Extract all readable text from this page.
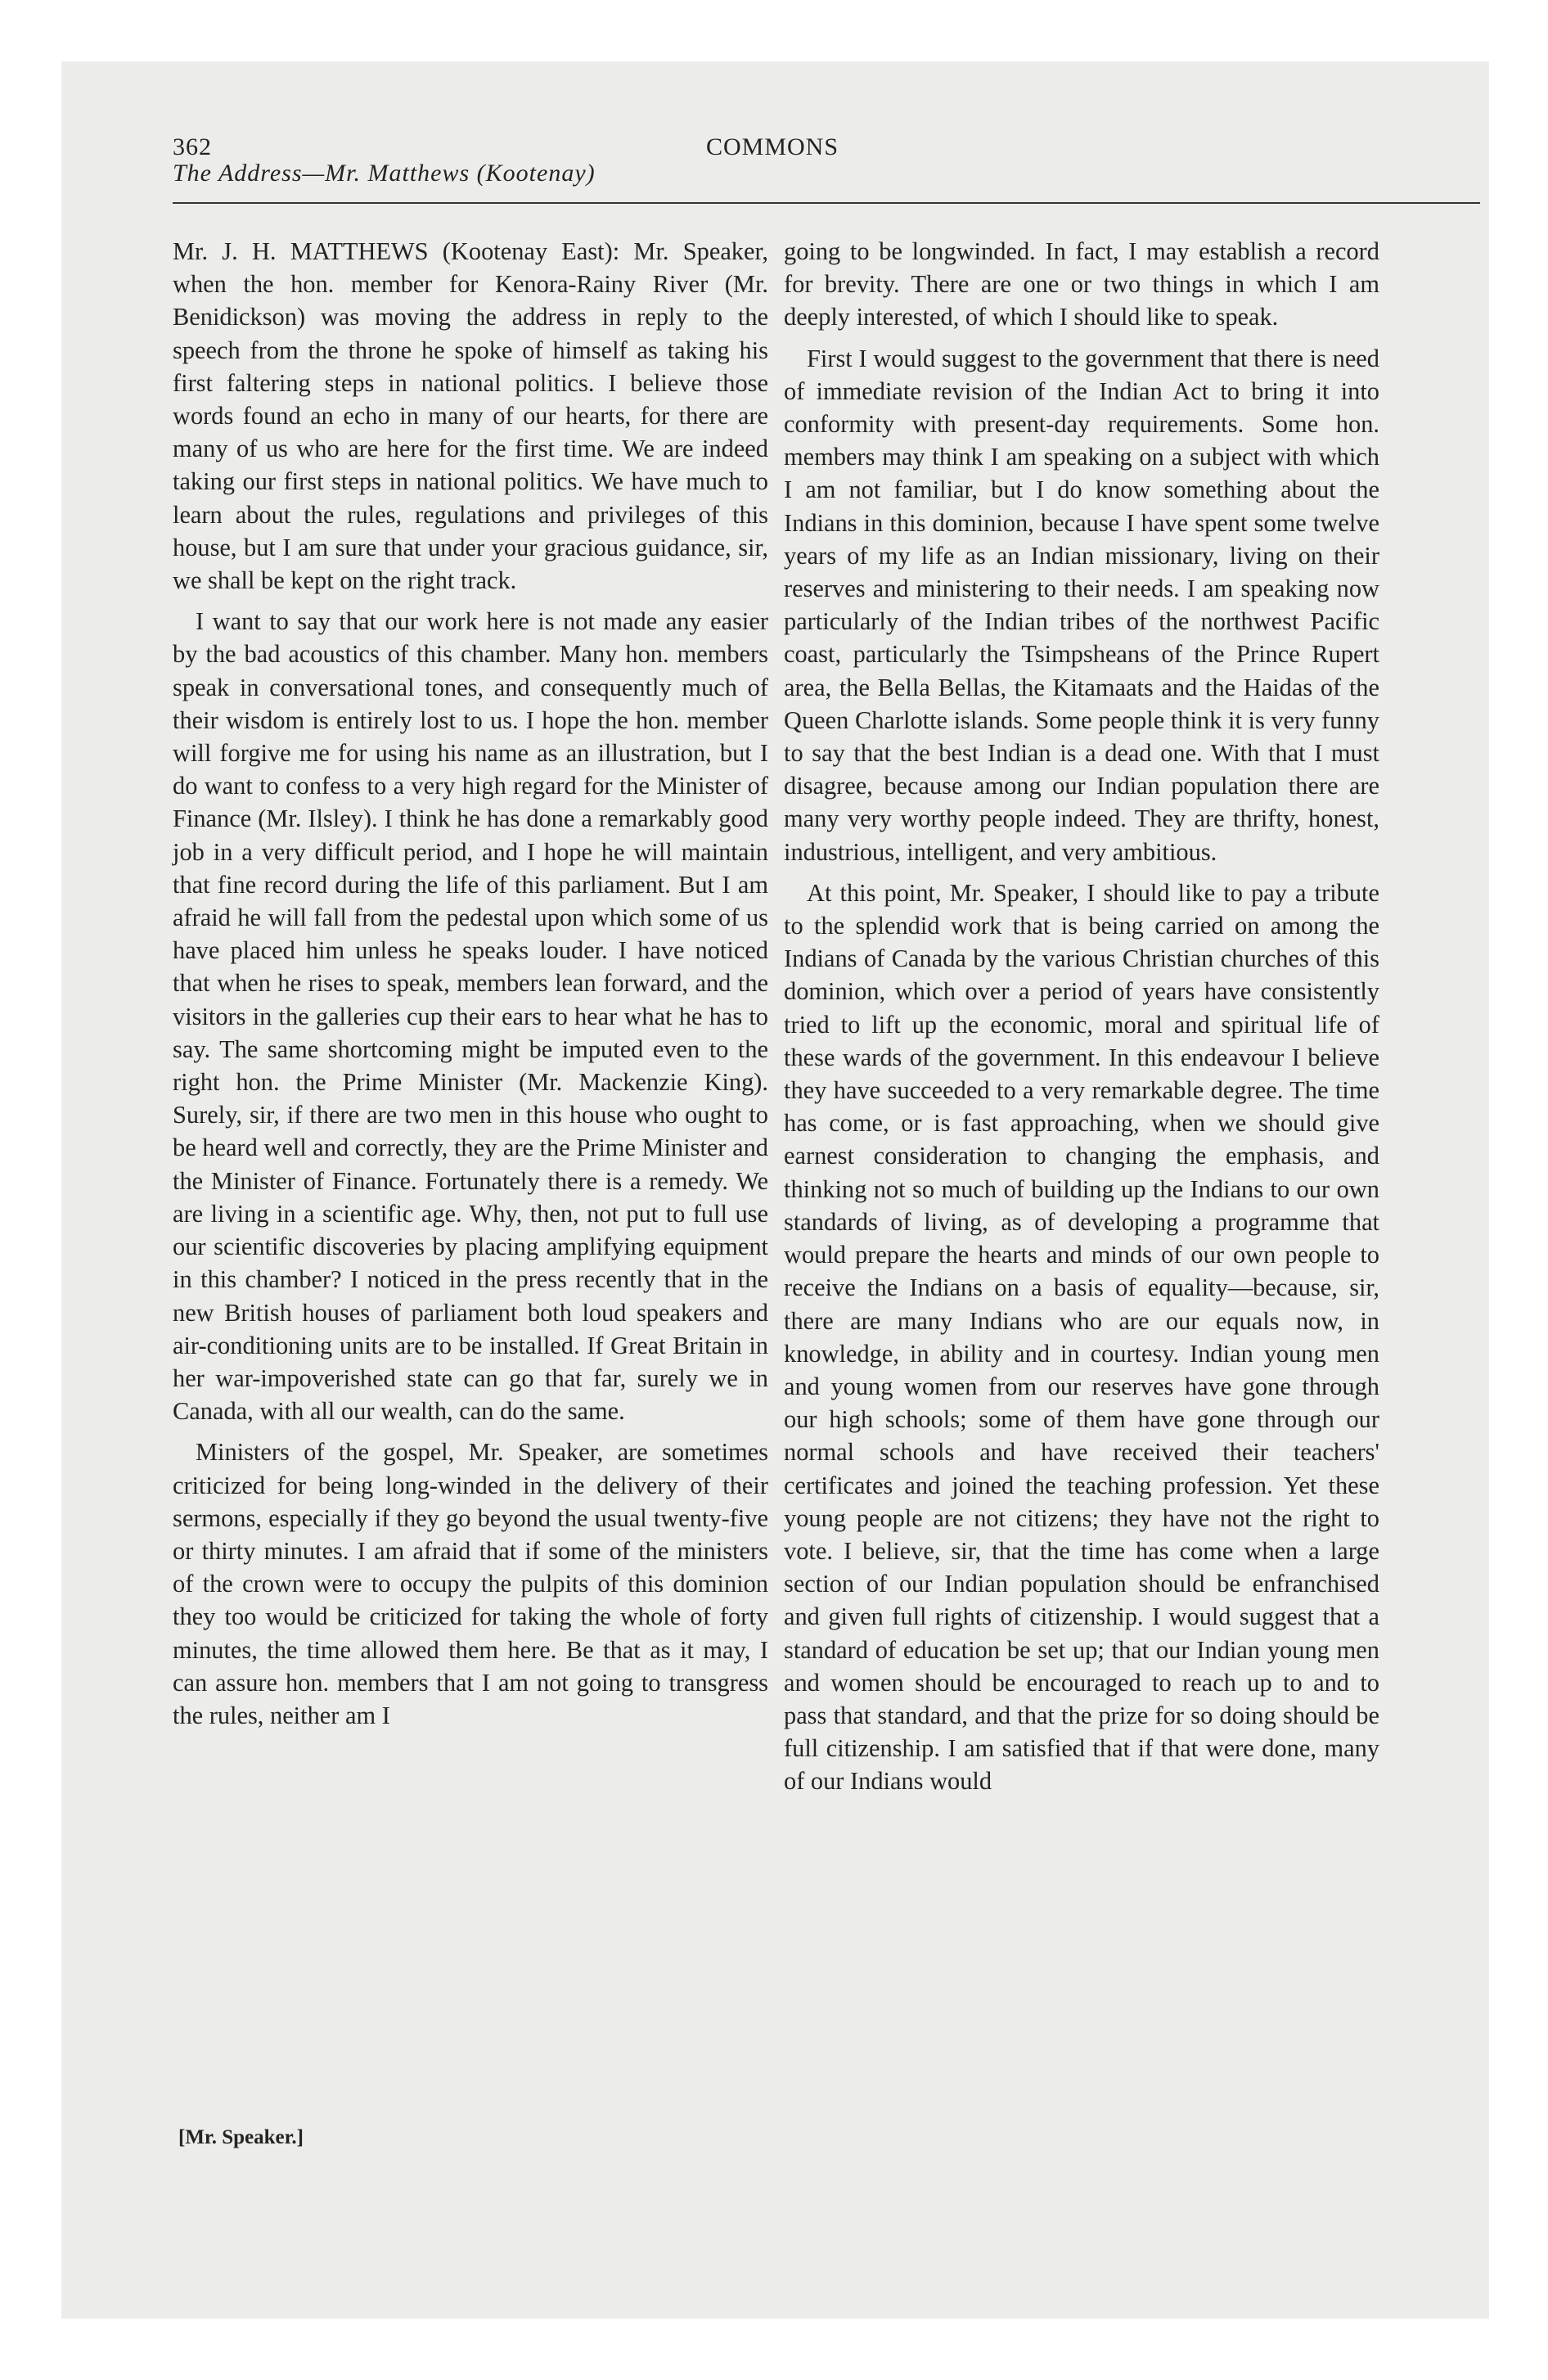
362	COMMONS
The Address—Mr. Matthews (Kootenay)

Mr. J. H. MATTHEWS (Kootenay East): Mr. Speaker, when the hon. member for Kenora-Rainy River (Mr. Benidickson) was moving the address in reply to the speech from the throne he spoke of himself as taking his first faltering steps in national politics. I believe those words found an echo in many of our hearts, for there are many of us who are here for the first time. We are indeed taking our first steps in national politics. We have much to learn about the rules, regulations and privileges of this house, but I am sure that under your gracious guidance, sir, we shall be kept on the right track.

I want to say that our work here is not made any easier by the bad acoustics of this chamber. Many hon. members speak in conversational tones, and consequently much of their wisdom is entirely lost to us. I hope the hon. member will forgive me for using his name as an illustration, but I do want to confess to a very high regard for the Minister of Finance (Mr. Ilsley). I think he has done a remarkably good job in a very difficult period, and I hope he will maintain that fine record during the life of this parliament. But I am afraid he will fall from the pedestal upon which some of us have placed him unless he speaks louder. I have noticed that when he rises to speak, members lean forward, and the visitors in the galleries cup their ears to hear what he has to say. The same shortcoming might be imputed even to the right hon. the Prime Minister (Mr. Mackenzie King). Surely, sir, if there are two men in this house who ought to be heard well and correctly, they are the Prime Minister and the Minister of Finance. Fortunately there is a remedy. We are living in a scientific age. Why, then, not put to full use our scientific discoveries by placing amplifying equipment in this chamber? I noticed in the press recently that in the new British houses of parliament both loud speakers and air-conditioning units are to be installed. If Great Britain in her war-impoverished state can go that far, surely we in Canada, with all our wealth, can do the same.

Ministers of the gospel, Mr. Speaker, are sometimes criticized for being long-winded in the delivery of their sermons, especially if they go beyond the usual twenty-five or thirty minutes. I am afraid that if some of the ministers of the crown were to occupy the pulpits of this dominion they too would be criticized for taking the whole of forty minutes, the time allowed them here. Be that as it may, I can assure hon. members that I am not going to transgress the rules, neither am I

[Mr. Speaker.]

going to be longwinded. In fact, I may establish a record for brevity. There are one or two things in which I am deeply interested, of which I should like to speak.

First I would suggest to the government that there is need of immediate revision of the Indian Act to bring it into conformity with present-day requirements. Some hon. members may think I am speaking on a subject with which I am not familiar, but I do know something about the Indians in this dominion, because I have spent some twelve years of my life as an Indian missionary, living on their reserves and ministering to their needs. I am speaking now particularly of the Indian tribes of the northwest Pacific coast, particularly the Tsimpsheans of the Prince Rupert area, the Bella Bellas, the Kitamaats and the Haidas of the Queen Charlotte islands. Some people think it is very funny to say that the best Indian is a dead one. With that I must disagree, because among our Indian population there are many very worthy people indeed. They are thrifty, honest, industrious, intelligent, and very ambitious.

At this point, Mr. Speaker, I should like to pay a tribute to the splendid work that is being carried on among the Indians of Canada by the various Christian churches of this dominion, which over a period of years have consistently tried to lift up the economic, moral and spiritual life of these wards of the government. In this endeavour I believe they have succeeded to a very remarkable degree. The time has come, or is fast approaching, when we should give earnest consideration to changing the emphasis, and thinking not so much of building up the Indians to our own standards of living, as of developing a programme that would prepare the hearts and minds of our own people to receive the Indians on a basis of equality—because, sir, there are many Indians who are our equals now, in knowledge, in ability and in courtesy. Indian young men and young women from our reserves have gone through our high schools; some of them have gone through our normal schools and have received their teachers' certificates and joined the teaching profession. Yet these young people are not citizens; they have not the right to vote. I believe, sir, that the time has come when a large section of our Indian population should be enfranchised and given full rights of citizenship. I would suggest that a standard of education be set up; that our Indian young men and women should be encouraged to reach up to and to pass that standard, and that the prize for so doing should be full citizenship. I am satisfied that if that were done, many of our Indians would
